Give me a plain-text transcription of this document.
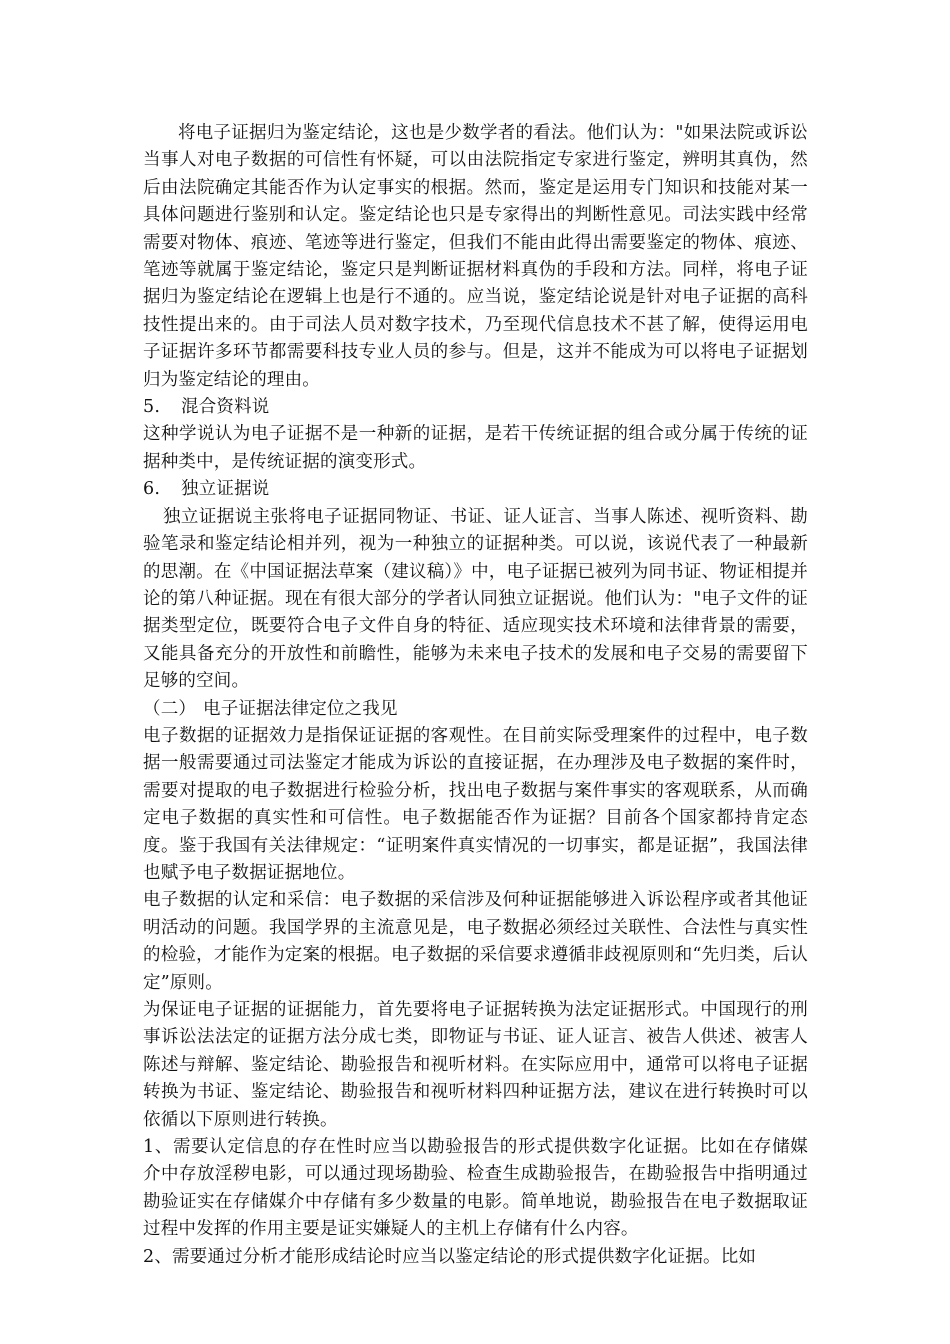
将电子证据归为鉴定结论，这也是少数学者的看法。他们认为："如果法院或诉讼当事人对电子数据的可信性有怀疑，可以由法院指定专家进行鉴定，辨明其真伪，然后由法院确定其能否作为认定事实的根据。然而，鉴定是运用专门知识和技能对某一具体问题进行鉴别和认定。鉴定结论也只是专家得出的判断性意见。司法实践中经常需要对物体、痕迹、笔迹等进行鉴定，但我们不能由此得出需要鉴定的物体、痕迹、笔迹等就属于鉴定结论，鉴定只是判断证据材料真伪的手段和方法。同样，将电子证据归为鉴定结论在逻辑上也是行不通的。应当说，鉴定结论说是针对电子证据的高科技性提出来的。由于司法人员对数字技术，乃至现代信息技术不甚了解，使得运用电子证据许多环节都需要科技专业人员的参与。但是，这并不能成为可以将电子证据划归为鉴定结论的理由。

5. 混合资料说

这种学说认为电子证据不是一种新的证据，是若干传统证据的组合或分属于传统的证据种类中，是传统证据的演变形式。

6. 独立证据说

独立证据说主张将电子证据同物证、书证、证人证言、当事人陈述、视听资料、勘验笔录和鉴定结论相并列，视为一种独立的证据种类。可以说，该说代表了一种最新的思潮。在《中国证据法草案（建议稿）》中，电子证据已被列为同书证、物证相提并论的第八种证据。现在有很大部分的学者认同独立证据说。他们认为："电子文件的证据类型定位，既要符合电子文件自身的特征、适应现实技术环境和法律背景的需要，又能具备充分的开放性和前瞻性，能够为未来电子技术的发展和电子交易的需要留下足够的空间。

（二） 电子证据法律定位之我见

电子数据的证据效力是指保证证据的客观性。在目前实际受理案件的过程中，电子数据一般需要通过司法鉴定才能成为诉讼的直接证据，在办理涉及电子数据的案件时，需要对提取的电子数据进行检验分析，找出电子数据与案件事实的客观联系，从而确定电子数据的真实性和可信性。电子数据能否作为证据？目前各个国家都持肯定态度。鉴于我国有关法律规定：“证明案件真实情况的一切事实，都是证据”，我国法律也赋予电子数据证据地位。

电子数据的认定和采信：电子数据的采信涉及何种证据能够进入诉讼程序或者其他证明活动的问题。我国学界的主流意见是，电子数据必须经过关联性、合法性与真实性的检验，才能作为定案的根据。电子数据的采信要求遵循非歧视原则和“先归类，后认定”原则。

为保证电子证据的证据能力，首先要将电子证据转换为法定证据形式。中国现行的刑事诉讼法法定的证据方法分成七类，即物证与书证、证人证言、被告人供述、被害人陈述与辩解、鉴定结论、勘验报告和视听材料。在实际应用中，通常可以将电子证据转换为书证、鉴定结论、勘验报告和视听材料四种证据方法，建议在进行转换时可以依循以下原则进行转换。

1、需要认定信息的存在性时应当以勘验报告的形式提供数字化证据。比如在存储媒介中存放淫秽电影，可以通过现场勘验、检查生成勘验报告，在勘验报告中指明通过勘验证实在存储媒介中存储有多少数量的电影。简单地说，勘验报告在电子数据取证过程中发挥的作用主要是证实嫌疑人的主机上存储有什么内容。

2、需要通过分析才能形成结论时应当以鉴定结论的形式提供数字化证据。比如
